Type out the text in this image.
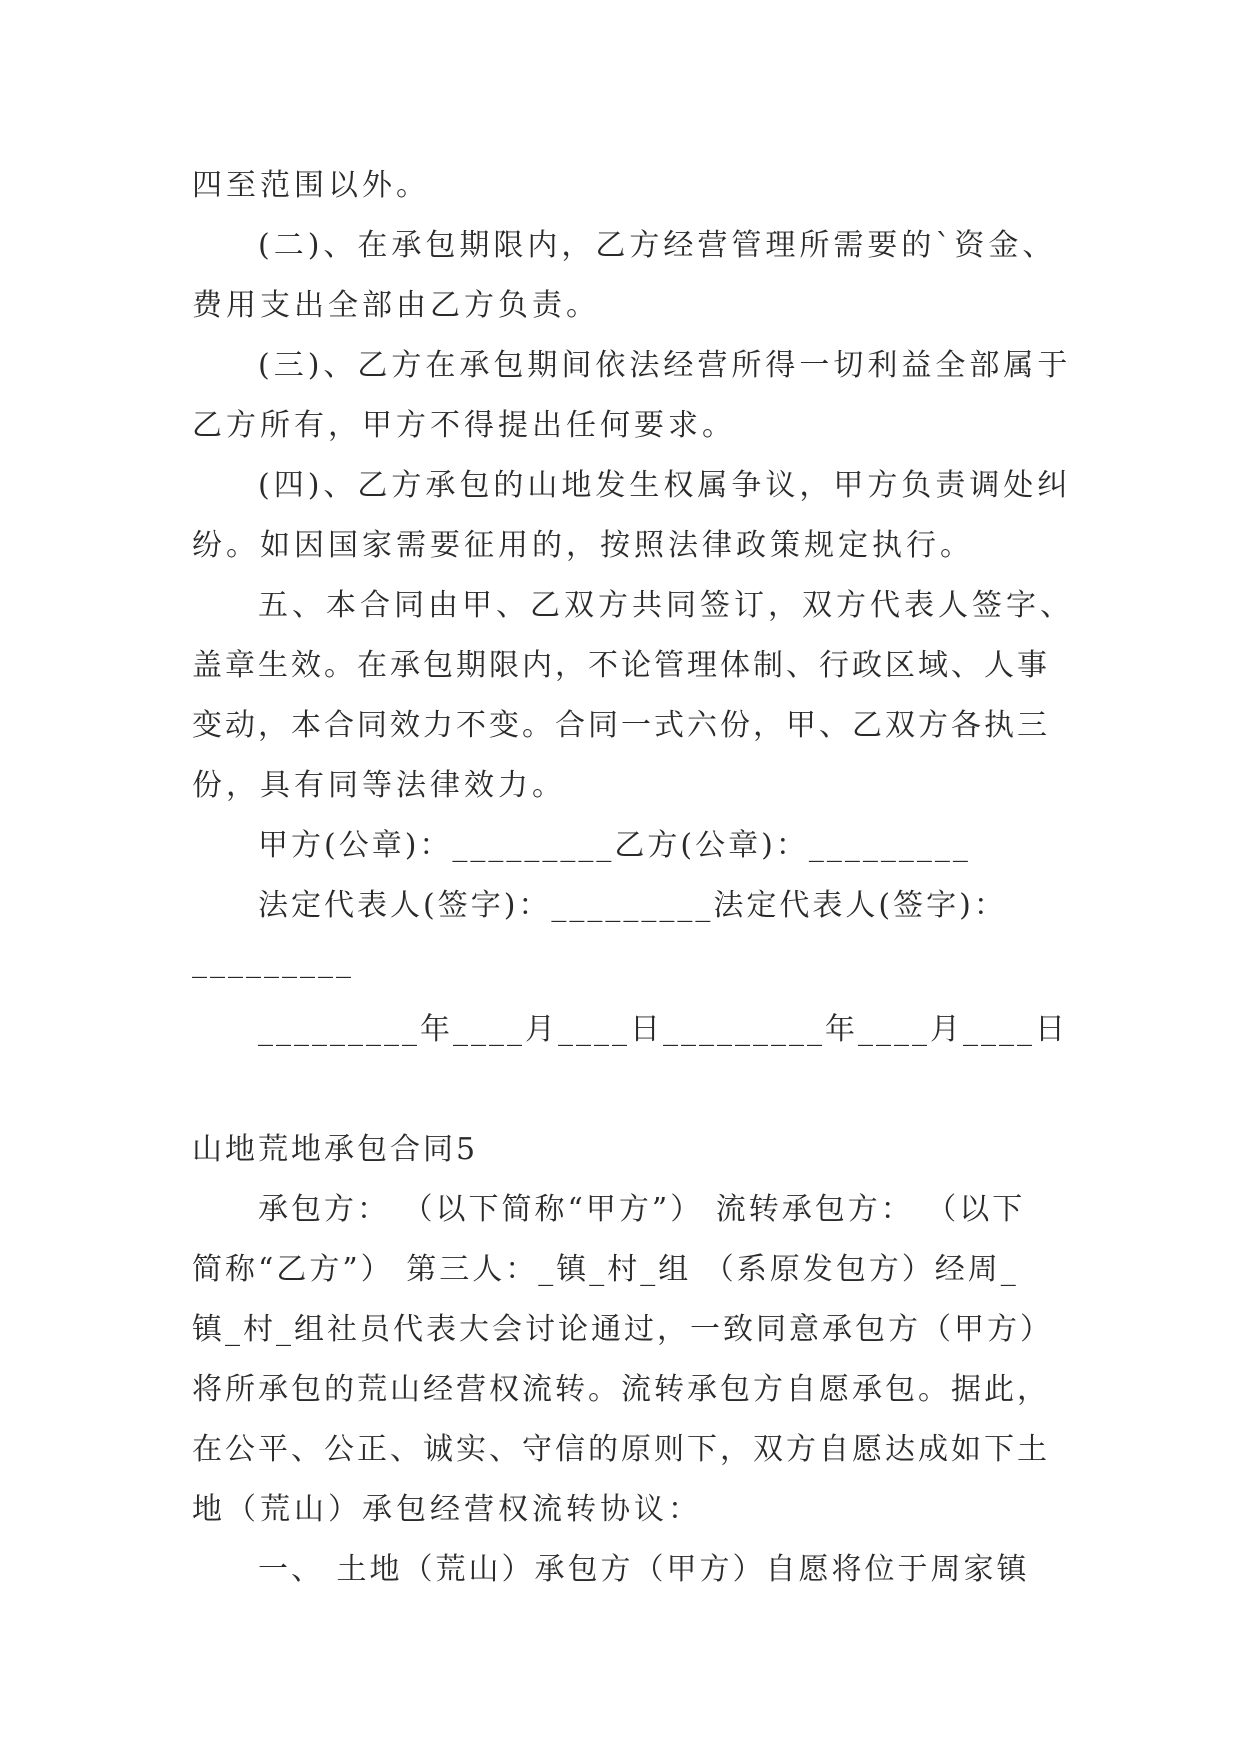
四至范围以外。
(二)、在承包期限内，乙方经营管理所需要的`资金、
费用支出全部由乙方负责。
(三)、乙方在承包期间依法经营所得一切利益全部属于
乙方所有，甲方不得提出任何要求。
(四)、乙方承包的山地发生权属争议，甲方负责调处纠
纷。如因国家需要征用的，按照法律政策规定执行。
五、本合同由甲、乙双方共同签订，双方代表人签字、
盖章生效。在承包期限内，不论管理体制、行政区域、人事
变动，本合同效力不变。合同一式六份，甲、乙双方各执三
份，具有同等法律效力。
甲方(公章)：_________乙方(公章)：_________
法定代表人(签字)：_________法定代表人(签字)：
_________
_________年____月____日_________年____月____日
山地荒地承包合同5
承包方： （以下简称“甲方”） 流转承包方： （以下
简称“乙方”） 第三人：_镇_村_组 （系原发包方）经周_
镇_村_组社员代表大会讨论通过，一致同意承包方（甲方）
将所承包的荒山经营权流转。流转承包方自愿承包。据此，
在公平、公正、诚实、守信的原则下，双方自愿达成如下土
地（荒山）承包经营权流转协议：
一、 土地（荒山）承包方（甲方）自愿将位于周家镇
